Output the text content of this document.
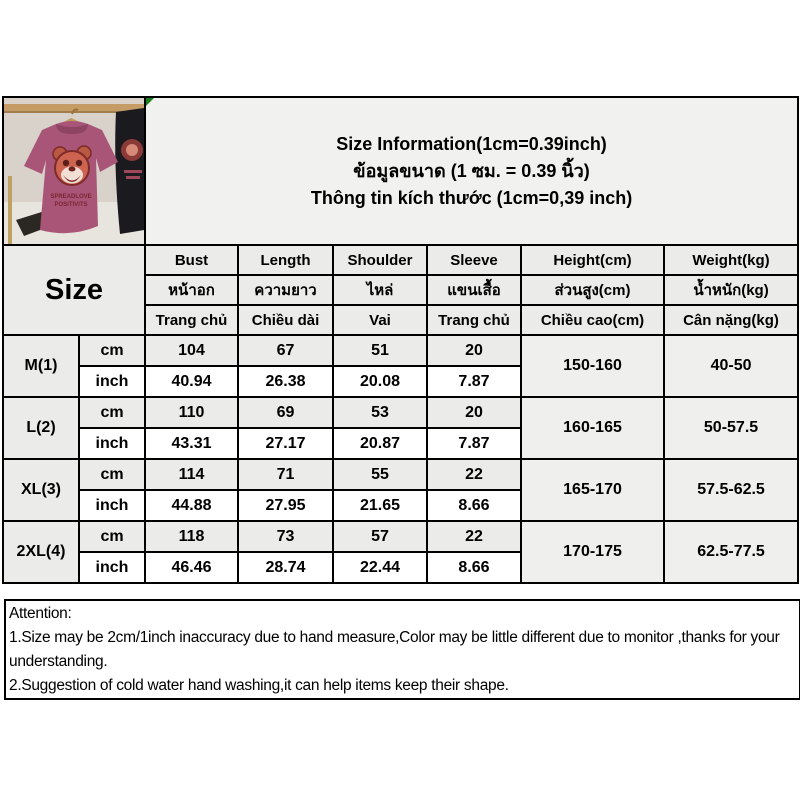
SPREADLOVE
POSITIVITS

Size Information(1cm=0.39inch)
ข้อมูลขนาด (1 ซม. = 0.39 นิ้ว)
Thông tin kích thước (1cm=0,39 inch)

Size		Bust	Length	Shoulder	Sleeve	Height(cm)	Weight(kg)
		หน้าอก	ความยาว	ไหล่	แขนเสื้อ	ส่วนสูง(cm)	น้ำหนัก(kg)
		Trang chủ	Chiều dài	Vai	Trang chủ	Chiều cao(cm)	Cân nặng(kg)
M(1)	cm	104	67	51	20	150-160	40-50
	inch	40.94	26.38	20.08	7.87		
L(2)	cm	110	69	53	20	160-165	50-57.5
	inch	43.31	27.17	20.87	7.87		
XL(3)	cm	114	71	55	22	165-170	57.5-62.5
	inch	44.88	27.95	21.65	8.66		
2XL(4)	cm	118	73	57	22	170-175	62.5-77.5
	inch	46.46	28.74	22.44	8.66		
Attention:
1.Size may be 2cm/1inch inaccuracy due to hand measure,Color may be little different due to monitor ,thanks for your understanding.
2.Suggestion of cold water hand washing,it can help items keep their shape.
